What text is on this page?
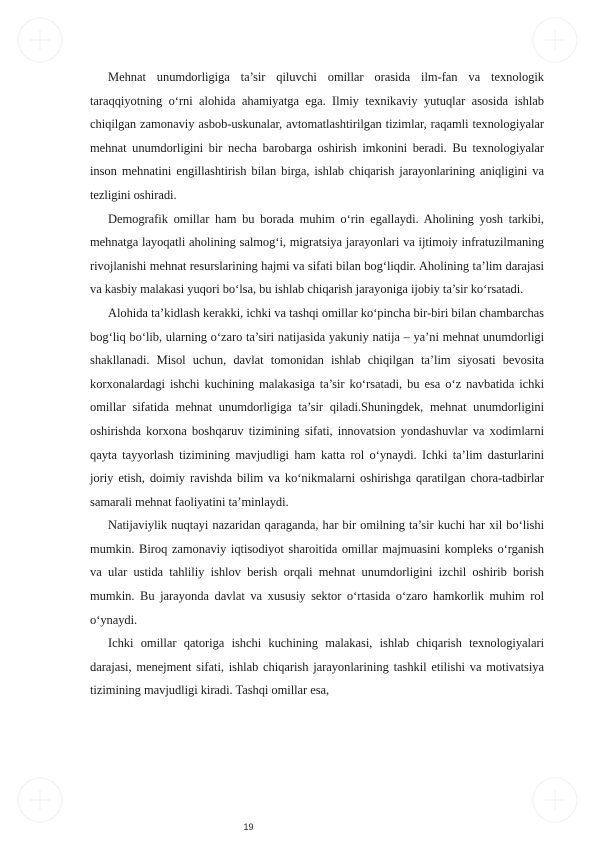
Mehnat unumdorligiga ta’sir qiluvchi omillar orasida ilm-fan va texnologik taraqqiyotning o‘rni alohida ahamiyatga ega. Ilmiy texnikaviy yutuqlar asosida ishlab chiqilgan zamonaviy asbob-uskunalar, avtomatlashtirilgan tizimlar, raqamli texnologiyalar mehnat unumdorligini bir necha barobarga oshirish imkonini beradi. Bu texnologiyalar inson mehnatini engillashtirish bilan birga, ishlab chiqarish jarayonlarining aniqligini va tezligini oshiradi.

Demografik omillar ham bu borada muhim o‘rin egallaydi. Aholining yosh tarkibi, mehnatga layoqatli aholining salmog‘i, migratsiya jarayonlari va ijtimoiy infratuzilmaning rivojlanishi mehnat resurslarining hajmi va sifati bilan bog‘liqdir. Aholining ta’lim darajasi va kasbiy malakasi yuqori bo‘lsa, bu ishlab chiqarish jarayoniga ijobiy ta’sir ko‘rsatadi.

Alohida ta’kidlash kerakki, ichki va tashqi omillar ko‘pincha bir-biri bilan chambarchas bog‘liq bo‘lib, ularning o‘zaro ta’siri natijasida yakuniy natija – ya’ni mehnat unumdorligi shakllanadi. Misol uchun, davlat tomonidan ishlab chiqilgan ta’lim siyosati bevosita korxonalardagi ishchi kuchining malakasiga ta’sir ko‘rsatadi, bu esa o‘z navbatida ichki omillar sifatida mehnat unumdorligiga ta’sir qiladi.Shuningdek, mehnat unumdorligini oshirishda korxona boshqaruv tizimining sifati, innovatsion yondashuvlar va xodimlarni qayta tayyorlash tizimining mavjudligi ham katta rol o‘ynaydi. Ichki ta’lim dasturlarini joriy etish, doimiy ravishda bilim va ko‘nikmalarni oshirishga qaratilgan chora-tadbirlar samarali mehnat faoliyatini ta’minlaydi.

Natijaviylik nuqtayi nazaridan qaraganda, har bir omilning ta’sir kuchi har xil bo‘lishi mumkin. Biroq zamonaviy iqtisodiyot sharoitida omillar majmuasini kompleks o‘rganish va ular ustida tahliliy ishlov berish orqali mehnat unumdorligini izchil oshirib borish mumkin. Bu jarayonda davlat va xususiy sektor o‘rtasida o‘zaro hamkorlik muhim rol o‘ynaydi.

Ichki omillar qatoriga ishchi kuchining malakasi, ishlab chiqarish texnologiyalari darajasi, menejment sifati, ishlab chiqarish jarayonlarining tashkil etilishi va motivatsiya tizimining mavjudligi kiradi. Tashqi omillar esa,

19
